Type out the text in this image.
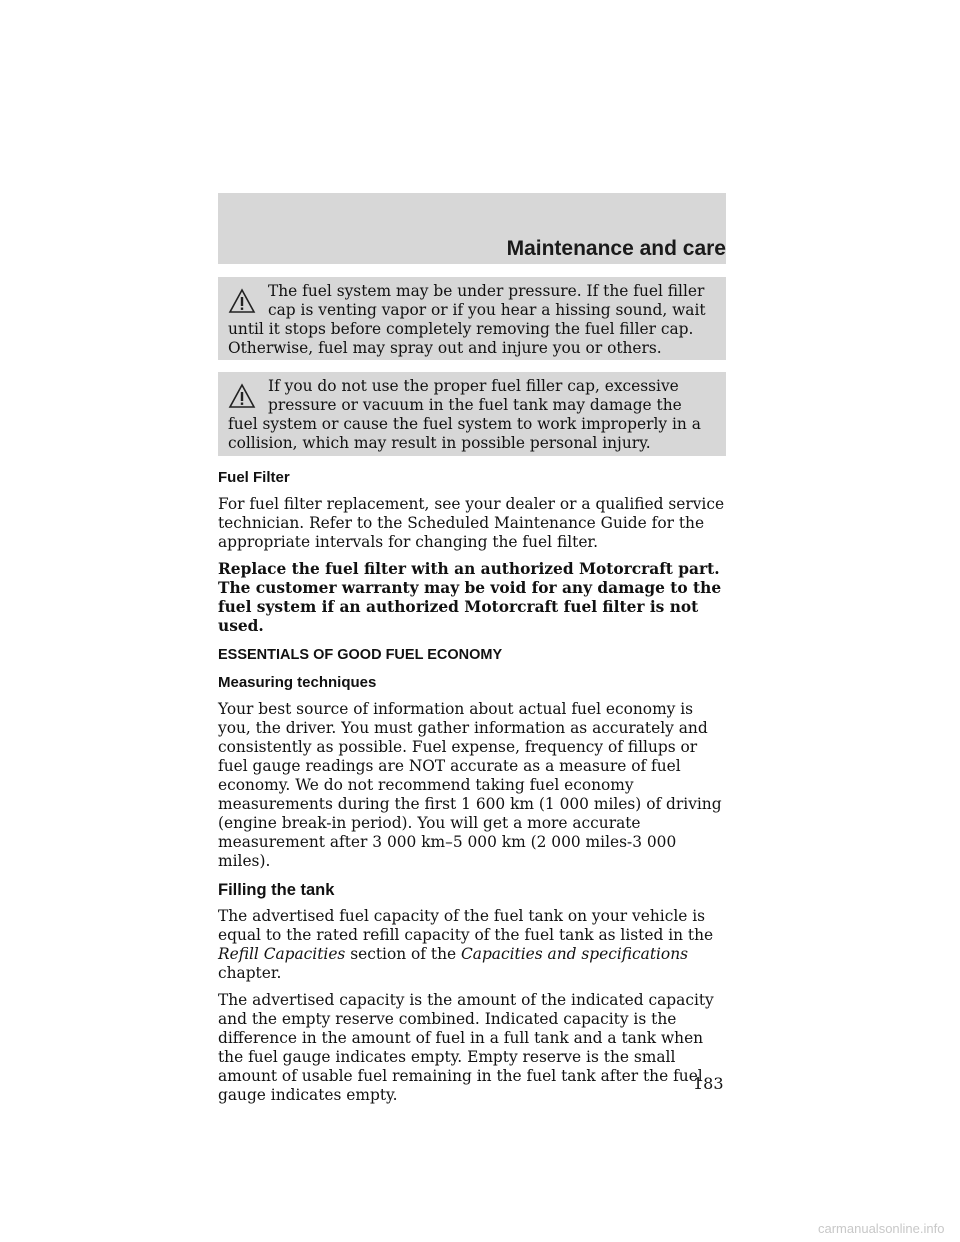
Maintenance and care
The fuel system may be under pressure. If the fuel filler cap is venting vapor or if you hear a hissing sound, wait until it stops before completely removing the fuel filler cap. Otherwise, fuel may spray out and injure you or others.
If you do not use the proper fuel filler cap, excessive pressure or vacuum in the fuel tank may damage the fuel system or cause the fuel system to work improperly in a collision, which may result in possible personal injury.
Fuel Filter

For fuel filter replacement, see your dealer or a qualified service technician. Refer to the Scheduled Maintenance Guide for the appropriate intervals for changing the fuel filter.

Replace the fuel filter with an authorized Motorcraft part. The customer warranty may be void for any damage to the fuel system if an authorized Motorcraft fuel filter is not used.

ESSENTIALS OF GOOD FUEL ECONOMY
Measuring techniques

Your best source of information about actual fuel economy is you, the driver. You must gather information as accurately and consistently as possible. Fuel expense, frequency of fillups or fuel gauge readings are NOT accurate as a measure of fuel economy. We do not recommend taking fuel economy measurements during the first 1 600 km (1 000 miles) of driving (engine break-in period). You will get a more accurate measurement after 3 000 km–5 000 km (2 000 miles-3 000 miles).

Filling the tank

The advertised fuel capacity of the fuel tank on your vehicle is equal to the rated refill capacity of the fuel tank as listed in the Refill Capacities section of the Capacities and specifications chapter.

The advertised capacity is the amount of the indicated capacity and the empty reserve combined. Indicated capacity is the difference in the amount of fuel in a full tank and a tank when the fuel gauge indicates empty. Empty reserve is the small amount of usable fuel remaining in the fuel tank after the fuel gauge indicates empty.

183
carmanualsonline.info
